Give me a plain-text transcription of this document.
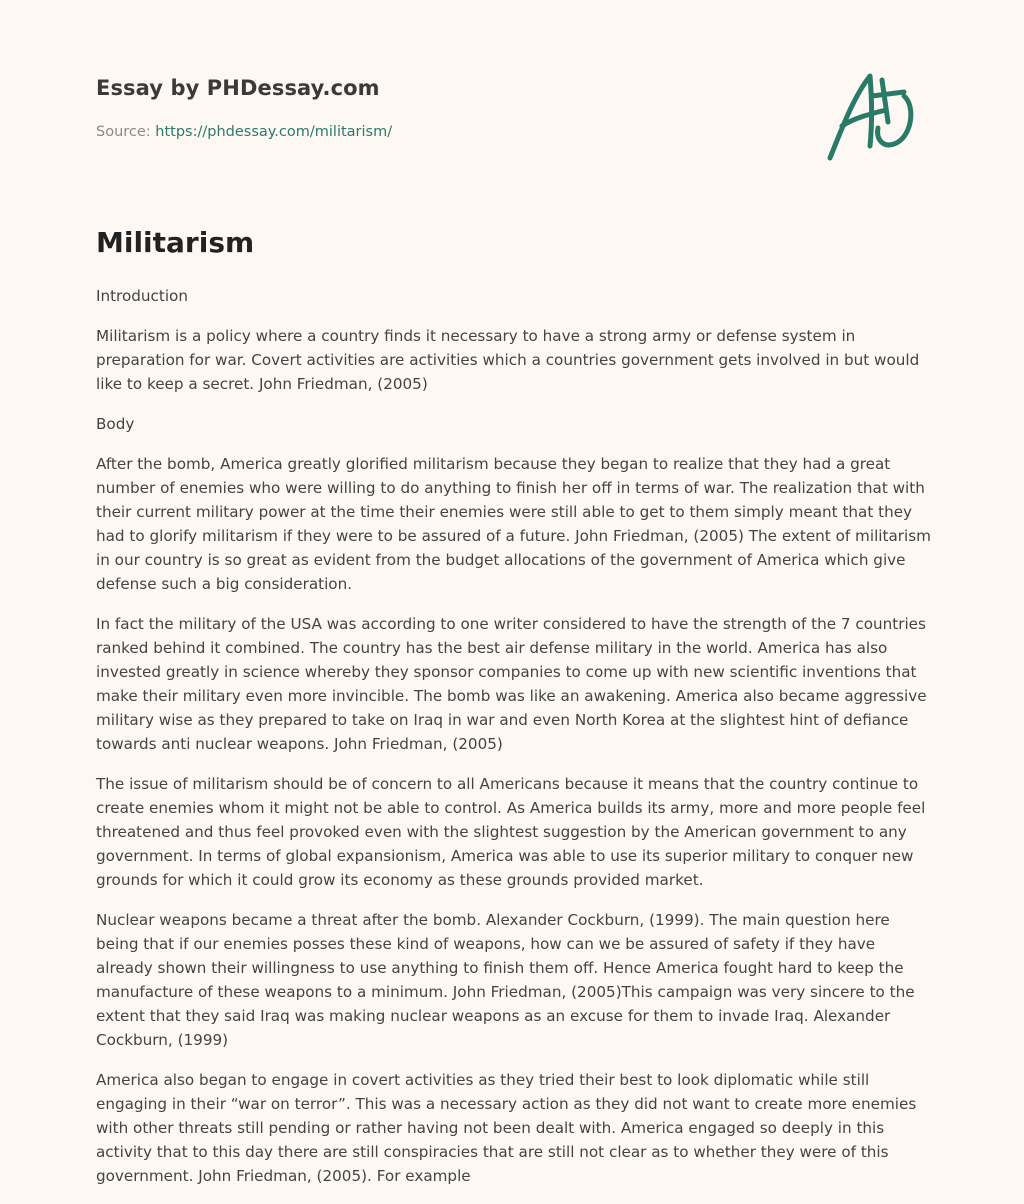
Essay by PHDessay.com
Source: https://phdessay.com/militarism/
Militarism

Introduction

Militarism is a policy where a country finds it necessary to have a strong army or defense system in preparation for war. Covert activities are activities which a countries government gets involved in but would like to keep a secret. John Friedman, (2005)

Body

After the bomb, America greatly glorified militarism because they began to realize that they had a great number of enemies who were willing to do anything to finish her off in terms of war. The realization that with their current military power at the time their enemies were still able to get to them simply meant that they had to glorify militarism if they were to be assured of a future. John Friedman, (2005) The extent of militarism in our country is so great as evident from the budget allocations of the government of America which give defense such a big consideration.

In fact the military of the USA was according to one writer considered to have the strength of the 7 countries ranked behind it combined. The country has the best air defense military in the world. America has also invested greatly in science whereby they sponsor companies to come up with new scientific inventions that make their military even more invincible. The bomb was like an awakening. America also became aggressive military wise as they prepared to take on Iraq in war and even North Korea at the slightest hint of defiance towards anti nuclear weapons. John Friedman, (2005)

The issue of militarism should be of concern to all Americans because it means that the country continue to create enemies whom it might not be able to control. As America builds its army, more and more people feel threatened and thus feel provoked even with the slightest suggestion by the American government to any government. In terms of global expansionism, America was able to use its superior military to conquer new grounds for which it could grow its economy as these grounds provided market.

Nuclear weapons became a threat after the bomb. Alexander Cockburn, (1999). The main question here being that if our enemies posses these kind of weapons, how can we be assured of safety if they have already shown their willingness to use anything to finish them off. Hence America fought hard to keep the manufacture of these weapons to a minimum. John Friedman, (2005)This campaign was very sincere to the extent that they said Iraq was making nuclear weapons as an excuse for them to invade Iraq. Alexander Cockburn, (1999)

America also began to engage in covert activities as they tried their best to look diplomatic while still engaging in their “war on terror”. This was a necessary action as they did not want to create more enemies with other threats still pending or rather having not been dealt with. America engaged so deeply in this activity that to this day there are still conspiracies that are still not clear as to whether they were of this government. John Friedman, (2005). For example
